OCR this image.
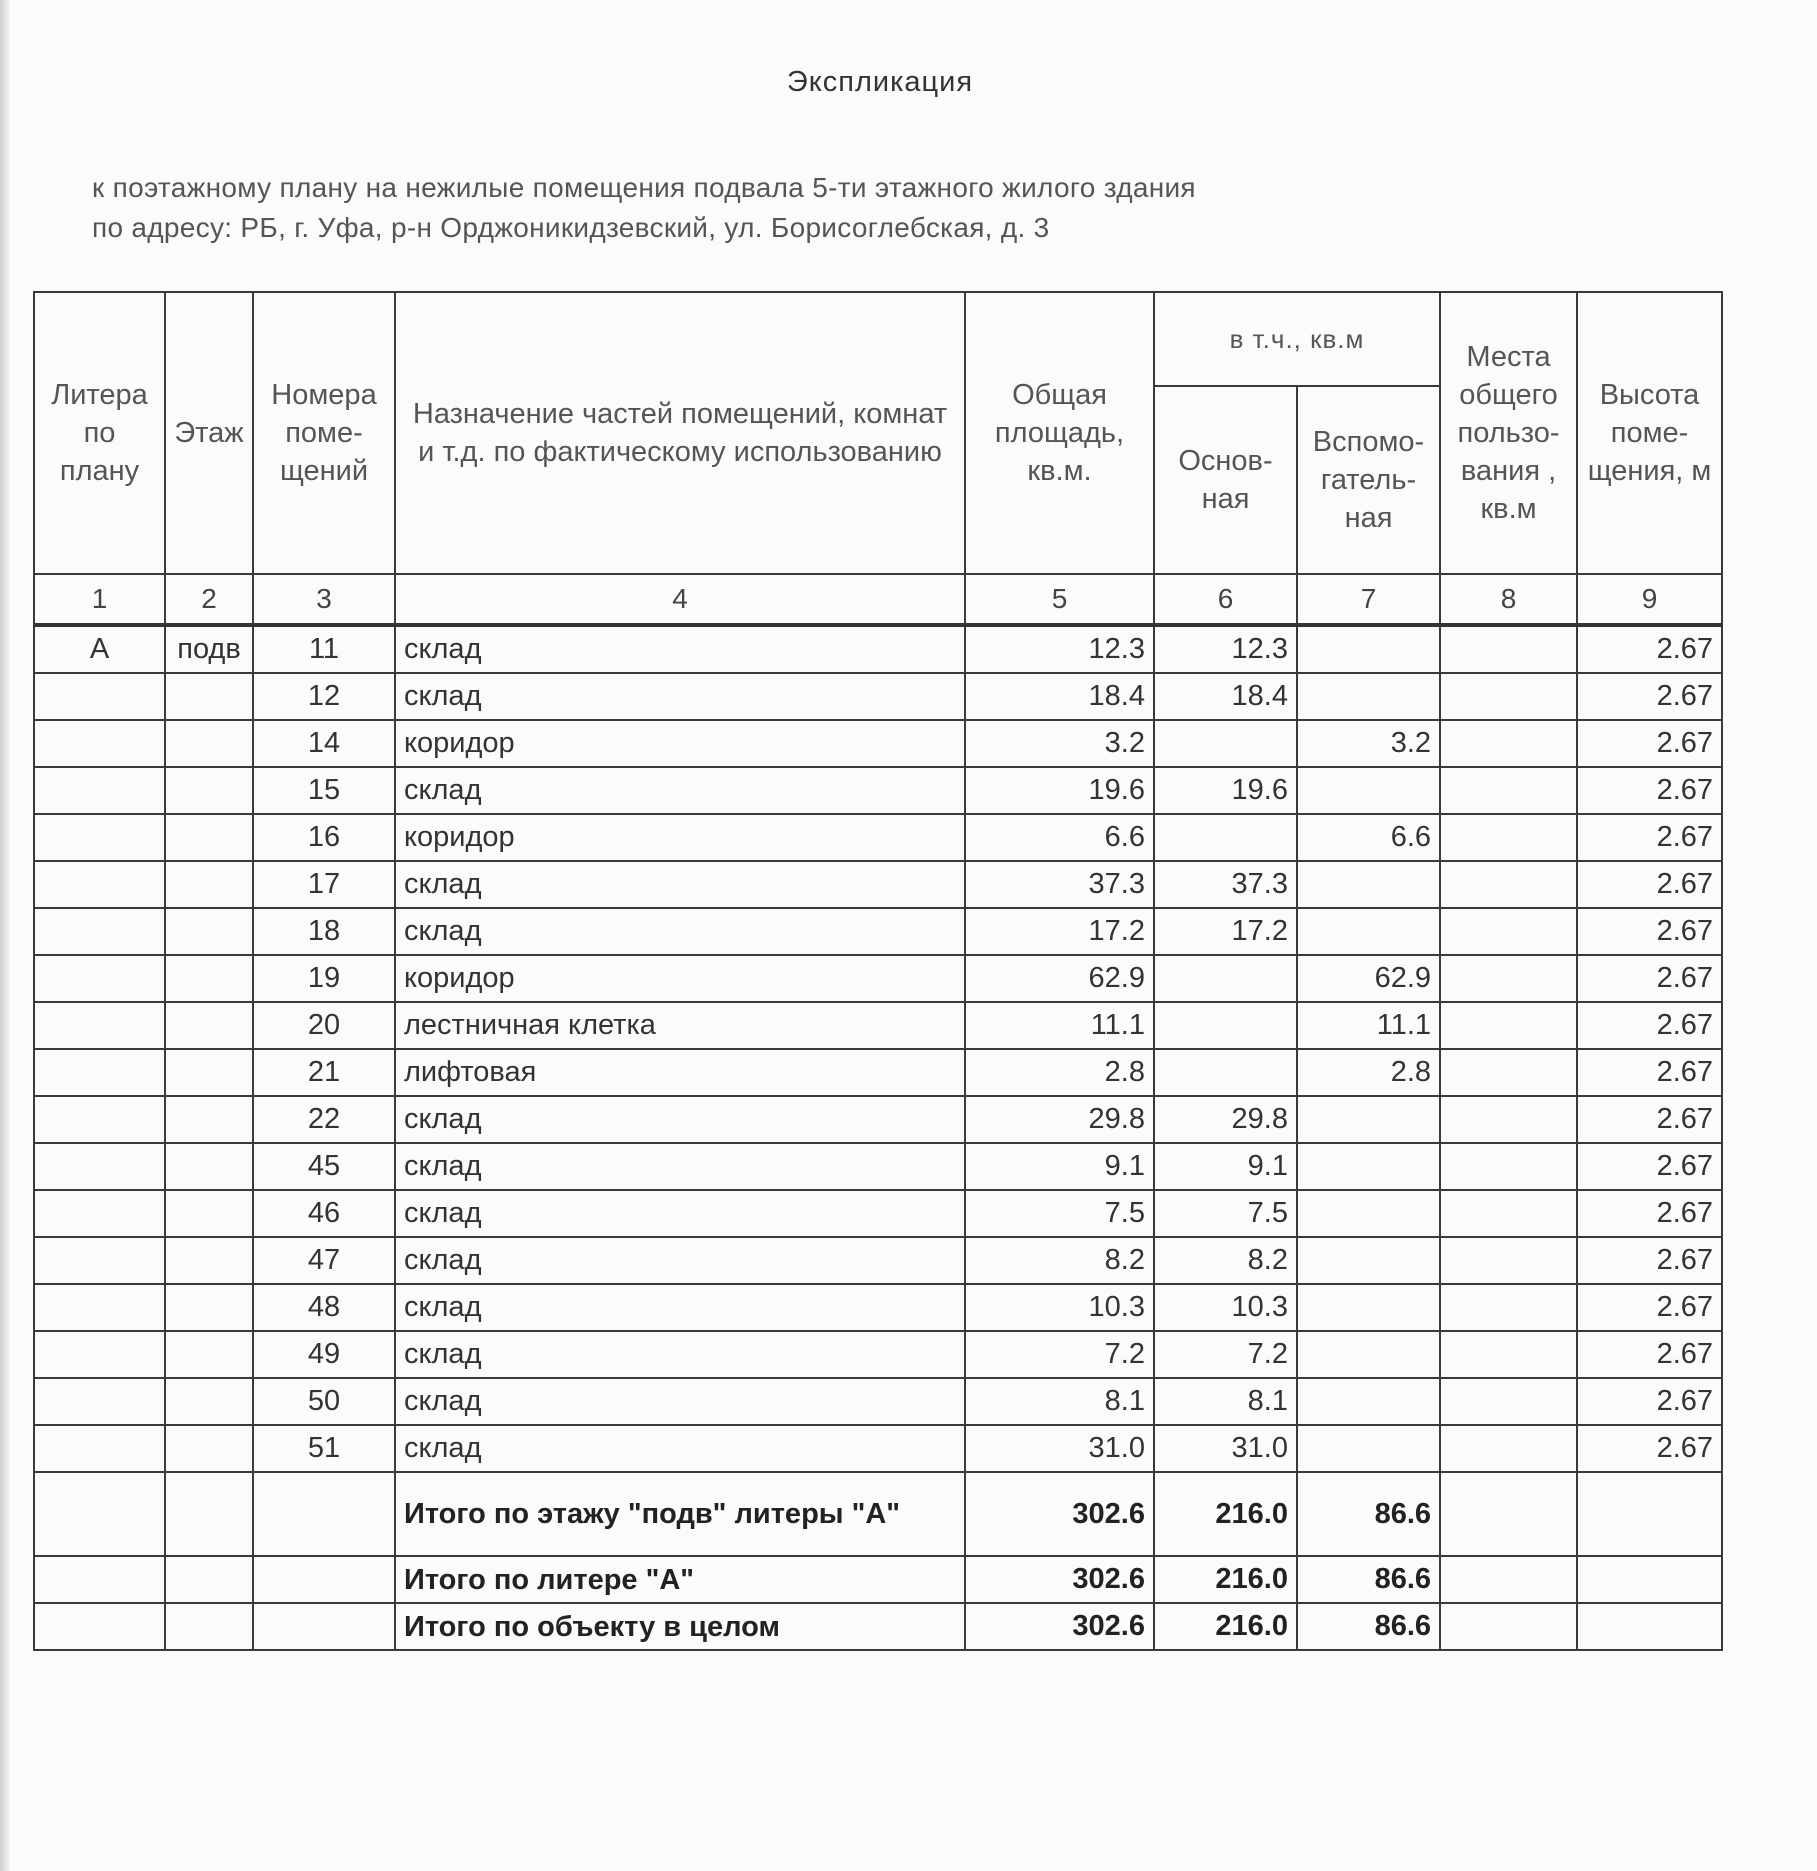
Экспликация
к поэтажному плану на нежилые помещения подвала 5-ти этажного жилого здания
по адресу: РБ, г. Уфа, р-н Орджоникидзевский, ул. Борисоглебская, д. 3
Литера по плану	Этаж	Номера поме-щений	Назначение частей помещений, комнат и т.д. по фактическому использованию	Общая площадь, кв.м.	в т.ч., кв.м		Места общего пользо-вания , кв.м	Высота поме-щения, м
					Основ-ная	Вспомо-гатель-ная		
1	2	3	4	5	6	7	8	9
А	подв	11	склад	12.3	12.3			2.67
		12	склад	18.4	18.4			2.67
		14	коридор	3.2		3.2		2.67
		15	склад	19.6	19.6			2.67
		16	коридор	6.6		6.6		2.67
		17	склад	37.3	37.3			2.67
		18	склад	17.2	17.2			2.67
		19	коридор	62.9		62.9		2.67
		20	лестничная клетка	11.1		11.1		2.67
		21	лифтовая	2.8		2.8		2.67
		22	склад	29.8	29.8			2.67
		45	склад	9.1	9.1			2.67
		46	склад	7.5	7.5			2.67
		47	склад	8.2	8.2			2.67
		48	склад	10.3	10.3			2.67
		49	склад	7.2	7.2			2.67
		50	склад	8.1	8.1			2.67
		51	склад	31.0	31.0			2.67
			Итого по этажу "подв" литеры "А"	302.6	216.0	86.6		
			Итого по литере "А"	302.6	216.0	86.6		
			Итого по объекту в целом	302.6	216.0	86.6		
